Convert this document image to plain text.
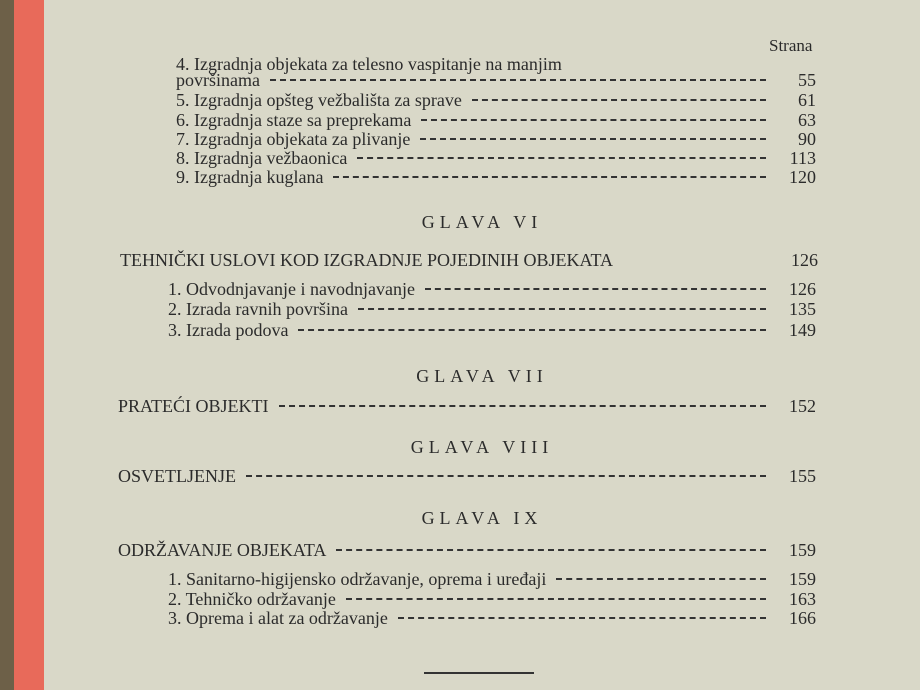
Strana
4. Izgradnja objekata za telesno vaspitanje na manjim
površinama	55
5. Izgradnja opšteg vežbališta za sprave	61
6. Izgradnja staze sa preprekama	63
7. Izgradnja objekata za plivanje	90
8. Izgradnja vežbaonica	113
9. Izgradnja kuglana	120
GLAVA VI
TEHNIČKI USLOVI KOD IZGRADNJE POJEDINIH OBJEKATA	126
1. Odvodnjavanje i navodnjavanje	126
2. Izrada ravnih površina	135
3. Izrada podova	149
GLAVA VII
PRATEĆI OBJEKTI	152
GLAVA VIII
OSVETLJENJE	155
GLAVA IX
ODRŽAVANJE OBJEKATA	159
1. Sanitarno-higijensko održavanje, oprema i uređaji	159
2. Tehničko održavanje	163
3. Oprema i alat za održavanje	166
